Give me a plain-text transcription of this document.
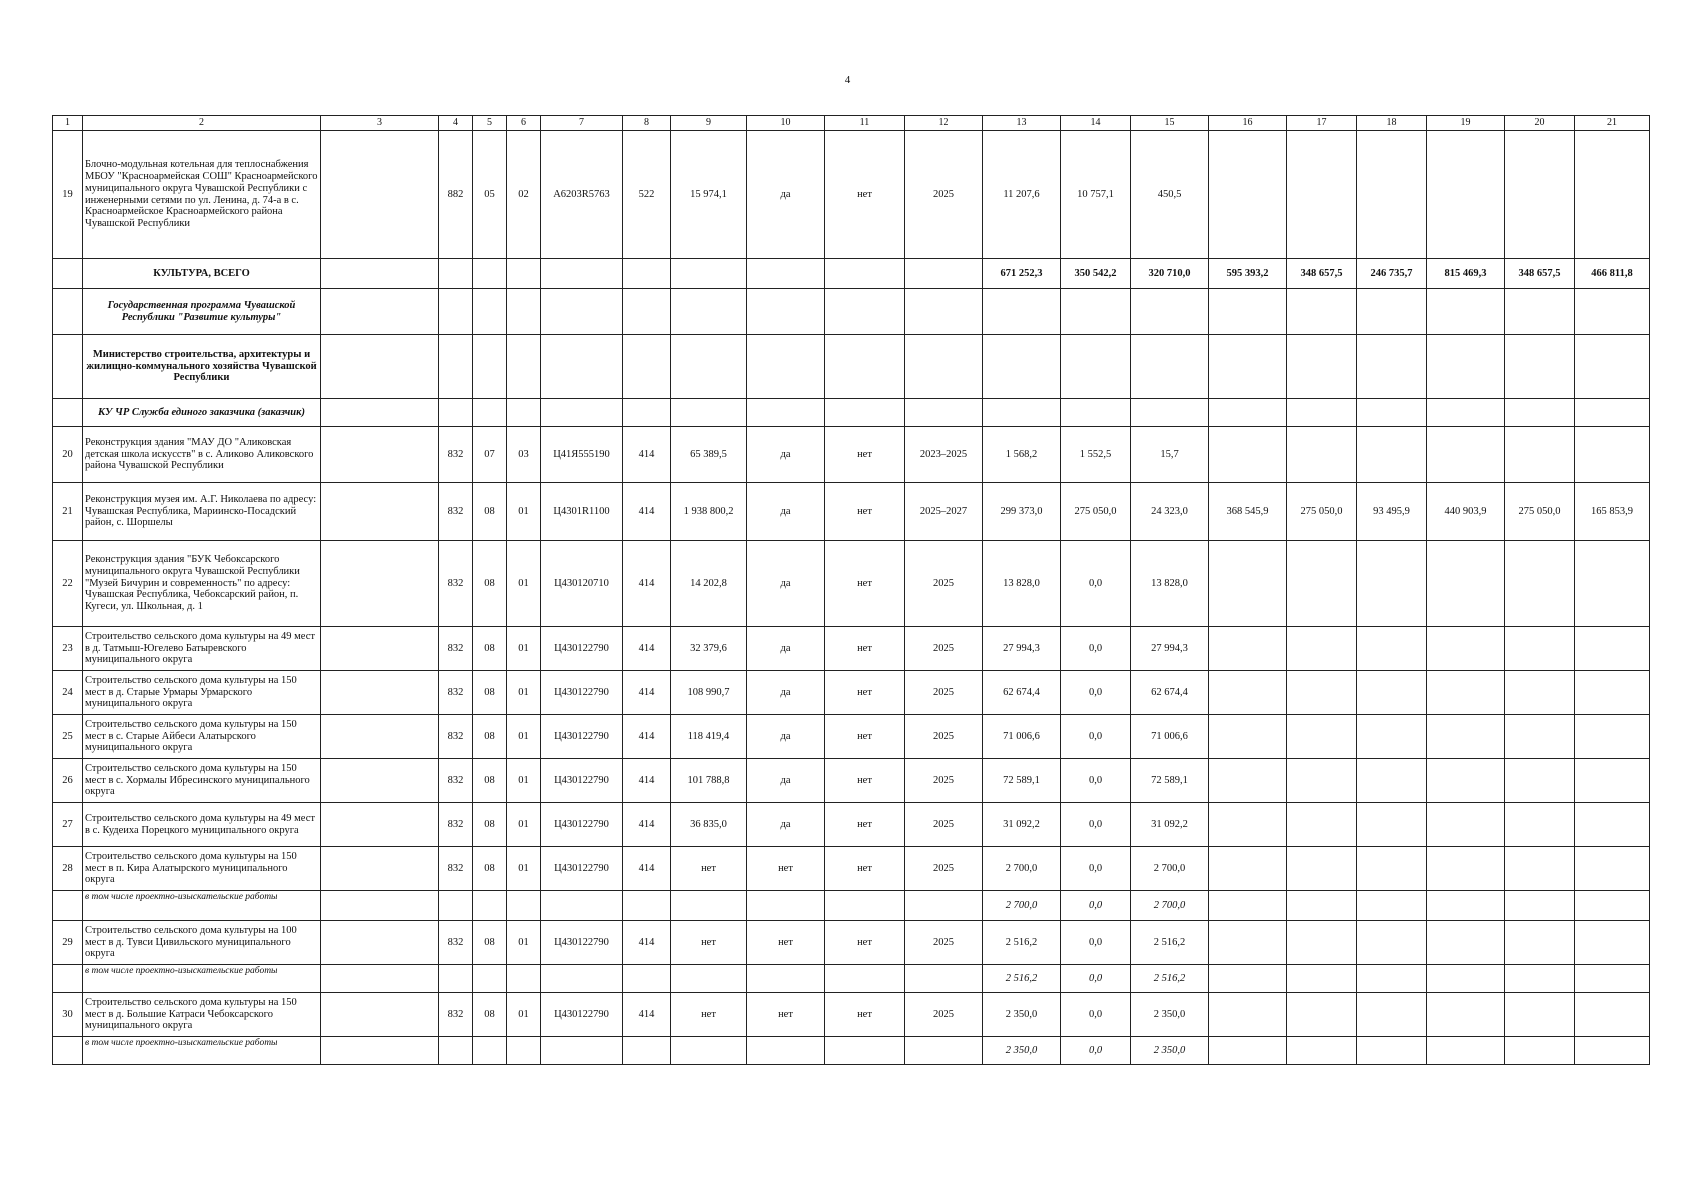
4
1	2	3	4	5	6	7	8	9	10	11	12	13	14	15	16	17	18	19	20	21
19	Блочно-модульная котельная для теплоснабжения МБОУ "Красноармейская СОШ" Красноармейского муниципального округа Чувашской Республики с инженерными сетями по ул. Ленина, д. 74-а в с. Красноармейское Красноармейского района Чувашской Республики		882	05	02	А6203R5763	522	15 974,1	да	нет	2025	11 207,6	10 757,1	450,5						
	КУЛЬТУРА, ВСЕГО											671 252,3	350 542,2	320 710,0	595 393,2	348 657,5	246 735,7	815 469,3	348 657,5	466 811,8
	Государственная программа Чувашской Республики "Развитие культуры"																			
	Министерство строительства, архитектуры и жилищно-коммунального хозяйства Чувашской Республики																			
	КУ ЧР Служба единого заказчика (заказчик)																			
20	Реконструкция здания "МАУ ДО "Аликовская детская школа искусств" в с. Аликово Аликовского района Чувашской Республики		832	07	03	Ц41Я555190	414	65 389,5	да	нет	2023–2025	1 568,2	1 552,5	15,7						
21	Реконструкция музея им. А.Г. Николаева по адресу: Чувашская Республика, Мариинско-Посадский район, с. Шоршелы		832	08	01	Ц4301R1100	414	1 938 800,2	да	нет	2025–2027	299 373,0	275 050,0	24 323,0	368 545,9	275 050,0	93 495,9	440 903,9	275 050,0	165 853,9
22	Реконструкция здания "БУК Чебоксарского муниципального округа Чувашской Республики "Музей Бичурин и современность" по адресу: Чувашская Республика, Чебоксарский район, п. Кугеси, ул. Школьная, д. 1		832	08	01	Ц430120710	414	14 202,8	да	нет	2025	13 828,0	0,0	13 828,0						
23	Строительство сельского дома культуры на 49 мест в д. Татмыш-Югелево Батыревского муниципального округа		832	08	01	Ц430122790	414	32 379,6	да	нет	2025	27 994,3	0,0	27 994,3						
24	Строительство сельского дома культуры на 150 мест в д. Старые Урмары Урмарского муниципального округа		832	08	01	Ц430122790	414	108 990,7	да	нет	2025	62 674,4	0,0	62 674,4						
25	Строительство сельского дома культуры на 150 мест в с. Старые Айбеси Алатырского муниципального округа		832	08	01	Ц430122790	414	118 419,4	да	нет	2025	71 006,6	0,0	71 006,6						
26	Строительство сельского дома культуры на 150 мест в с. Хормалы Ибресинского муниципального округа		832	08	01	Ц430122790	414	101 788,8	да	нет	2025	72 589,1	0,0	72 589,1						
27	Строительство сельского дома культуры на 49 мест в с. Кудеиха Порецкого муниципального округа		832	08	01	Ц430122790	414	36 835,0	да	нет	2025	31 092,2	0,0	31 092,2						
28	Строительство сельского дома культуры на 150 мест в п. Кира Алатырского муниципального округа		832	08	01	Ц430122790	414	нет	нет	нет	2025	2 700,0	0,0	2 700,0						
	в том числе проектно-изыскательские работы											2 700,0	0,0	2 700,0						
29	Строительство сельского дома культуры на 100 мест в д. Тувси Цивильского муниципального округа		832	08	01	Ц430122790	414	нет	нет	нет	2025	2 516,2	0,0	2 516,2						
	в том числе проектно-изыскательские работы											2 516,2	0,0	2 516,2						
30	Строительство сельского дома культуры на 150 мест в д. Большие Катраси Чебоксарского муниципального округа		832	08	01	Ц430122790	414	нет	нет	нет	2025	2 350,0	0,0	2 350,0						
	в том числе проектно-изыскательские работы											2 350,0	0,0	2 350,0						
